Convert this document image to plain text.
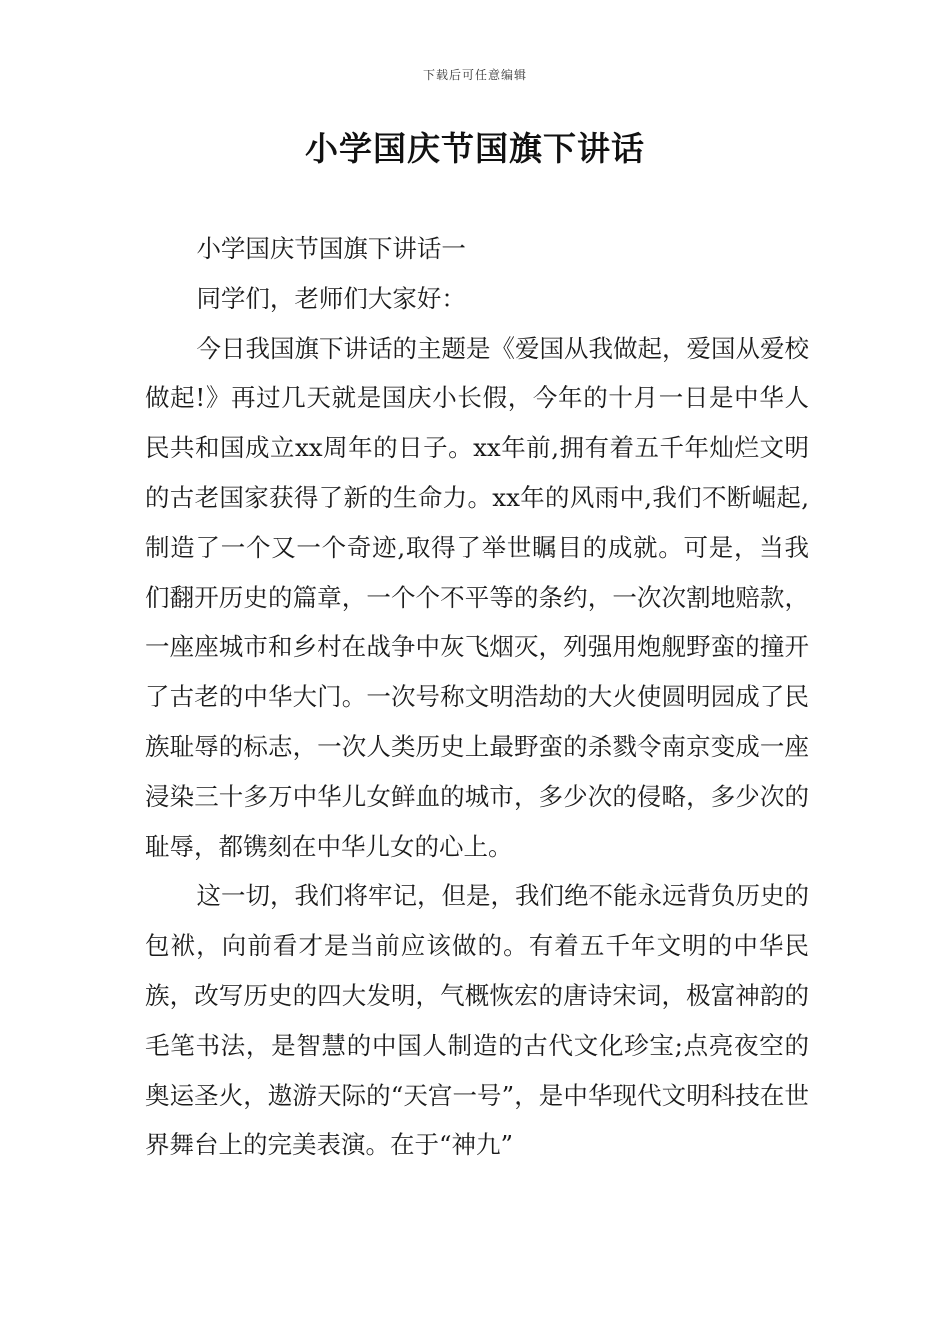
下载后可任意编辑
小学国庆节国旗下讲话

小学国庆节国旗下讲话一

同学们，老师们大家好：

今日我国旗下讲话的主题是《爱国从我做起，爱国从爱校做起!》再过几天就是国庆小长假，今年的十月一日是中华人民共和国成立xx周年的日子。xx年前,拥有着五千年灿烂文明的古老国家获得了新的生命力。xx年的风雨中,我们不断崛起,制造了一个又一个奇迹,取得了举世瞩目的成就。可是，当我们翻开历史的篇章，一个个不平等的条约，一次次割地赔款，一座座城市和乡村在战争中灰飞烟灭，列强用炮舰野蛮的撞开了古老的中华大门。一次号称文明浩劫的大火使圆明园成了民族耻辱的标志，一次人类历史上最野蛮的杀戮令南京变成一座浸染三十多万中华儿女鲜血的城市，多少次的侵略，多少次的耻辱，都镌刻在中华儿女的心上。

这一切，我们将牢记，但是，我们绝不能永远背负历史的包袱，向前看才是当前应该做的。有着五千年文明的中华民族，改写历史的四大发明，气概恢宏的唐诗宋词，极富神韵的毛笔书法，是智慧的中国人制造的古代文化珍宝;点亮夜空的奥运圣火，遨游天际的“天宫一号”，是中华现代文明科技在世界舞台上的完美表演。在于“神九”
